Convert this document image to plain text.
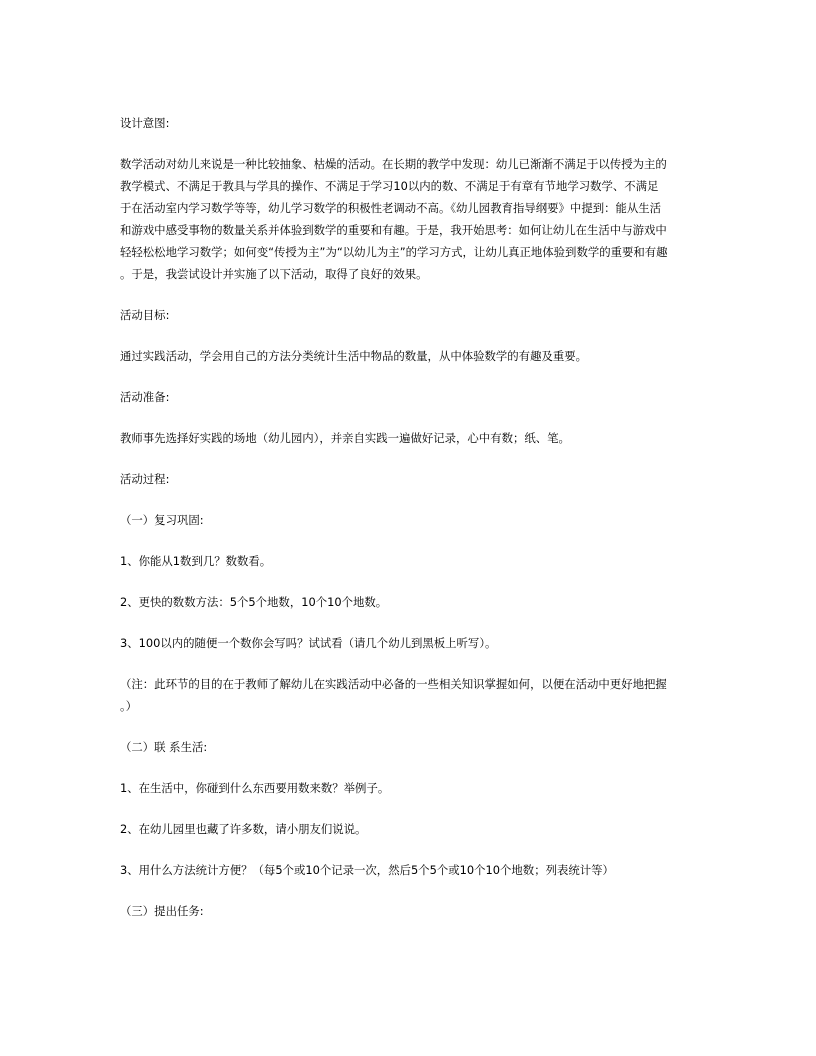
设计意图:

数学活动对幼儿来说是一种比较抽象、枯燥的活动。在长期的教学中发现：幼儿已渐渐不满足于以传授为主的

教学模式、不满足于教具与学具的操作、不满足于学习10以内的数、不满足于有章有节地学习数学、不满足

于在活动室内学习数学等等，幼儿学习数学的积极性老调动不高。《幼儿园教育指导纲要》中提到：能从生活

和游戏中感受事物的数量关系并体验到数学的重要和有趣。于是，我开始思考：如何让幼儿在生活中与游戏中

轻轻松松地学习数学；如何变“传授为主”为“以幼儿为主”的学习方式，让幼儿真正地体验到数学的重要和有趣

。于是，我尝试设计并实施了以下活动，取得了良好的效果。

活动目标:

通过实践活动，学会用自己的方法分类统计生活中物品的数量，从中体验数学的有趣及重要。

活动准备:

教师事先选择好实践的场地（幼儿园内），并亲自实践一遍做好记录，心中有数；纸、笔。

活动过程:

（一）复习巩固:

1、你能从1数到几？数数看。

2、更快的数数方法：5个5个地数，10个10个地数。

3、100以内的随便一个数你会写吗？试试看（请几个幼儿到黑板上听写）。

（注：此环节的目的在于教师了解幼儿在实践活动中必备的一些相关知识掌握如何，以便在活动中更好地把握

。）

（二）联 系生活:

1、在生活中，你碰到什么东西要用数来数？举例子。

2、在幼儿园里也藏了许多数，请小朋友们说说。

3、用什么方法统计方便？（每5个或10个记录一次，然后5个5个或10个10个地数；列表统计等）

（三）提出任务:
